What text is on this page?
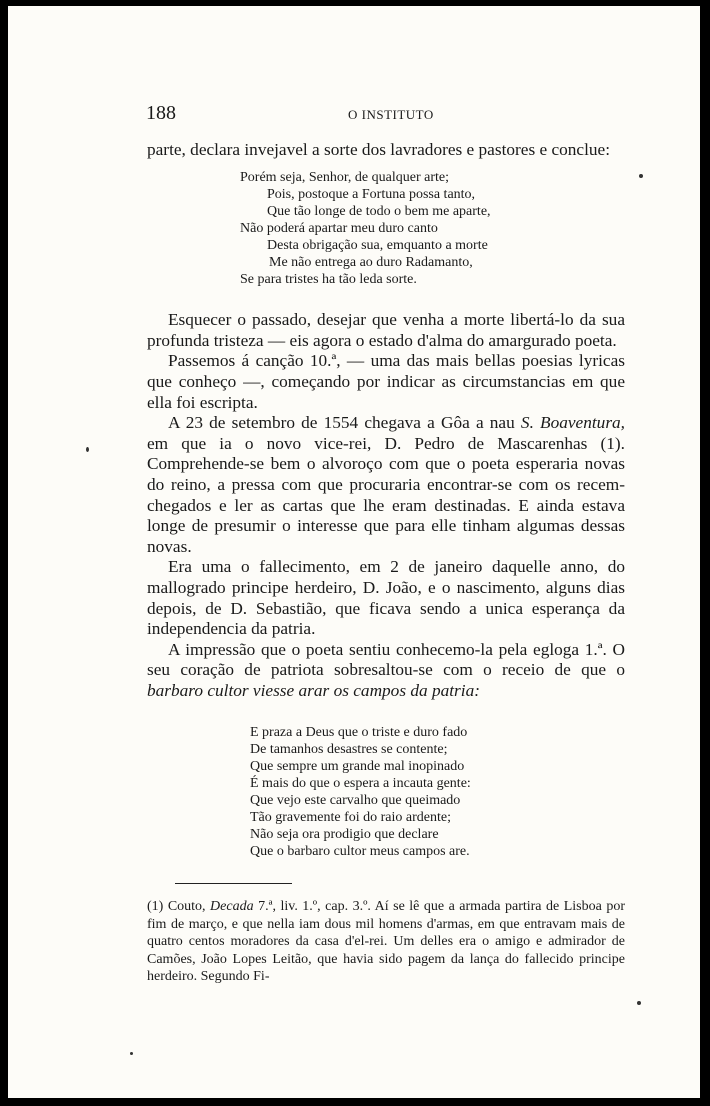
188	O INSTITUTO

parte, declara invejavel a sorte dos lavradores e pastores e conclue:

Porém seja, Senhor, de qualquer arte;
Pois, postoque a Fortuna possa tanto,
Que tão longe de todo o bem me aparte,
Não poderá apartar meu duro canto
Desta obrigação sua, emquanto a morte
Me não entrega ao duro Radamanto,
Se para tristes ha tão leda sorte.

Esquecer o passado, desejar que venha a morte libertá-lo da sua profunda tristeza — eis agora o estado d'alma do amargurado poeta.

Passemos á canção 10.ª, — uma das mais bellas poesias lyricas que conheço —, começando por indicar as circumstancias em que ella foi escripta.

A 23 de setembro de 1554 chegava a Gôa a nau S. Boaventura, em que ia o novo vice-rei, D. Pedro de Mascarenhas (1). Comprehende-se bem o alvoroço com que o poeta esperaria novas do reino, a pressa com que procuraria encontrar-se com os recem-chegados e ler as cartas que lhe eram destinadas. E ainda estava longe de presumir o interesse que para elle tinham algumas dessas novas.

Era uma o fallecimento, em 2 de janeiro daquelle anno, do mallogrado principe herdeiro, D. João, e o nascimento, alguns dias depois, de D. Sebastião, que ficava sendo a unica esperança da independencia da patria.

A impressão que o poeta sentiu conhecemo-la pela egloga 1.ª. O seu coração de patriota sobresaltou-se com o receio de que o barbaro cultor viesse arar os campos da patria:

E praza a Deus que o triste e duro fado
De tamanhos desastres se contente;
Que sempre um grande mal inopinado
É mais do que o espera a incauta gente:
Que vejo este carvalho que queimado
Tão gravemente foi do raio ardente;
Não seja ora prodigio que declare
Que o barbaro cultor meus campos are.

(1) Couto, Decada 7.ª, liv. 1.º, cap. 3.º. Aí se lê que a armada partira de Lisboa por fim de março, e que nella iam dous mil homens d'armas, em que entravam mais de quatro centos moradores da casa d'el-rei. Um delles era o amigo e admirador de Camões, João Lopes Leitão, que havia sido pagem da lança do fallecido principe herdeiro. Segundo Fi-
